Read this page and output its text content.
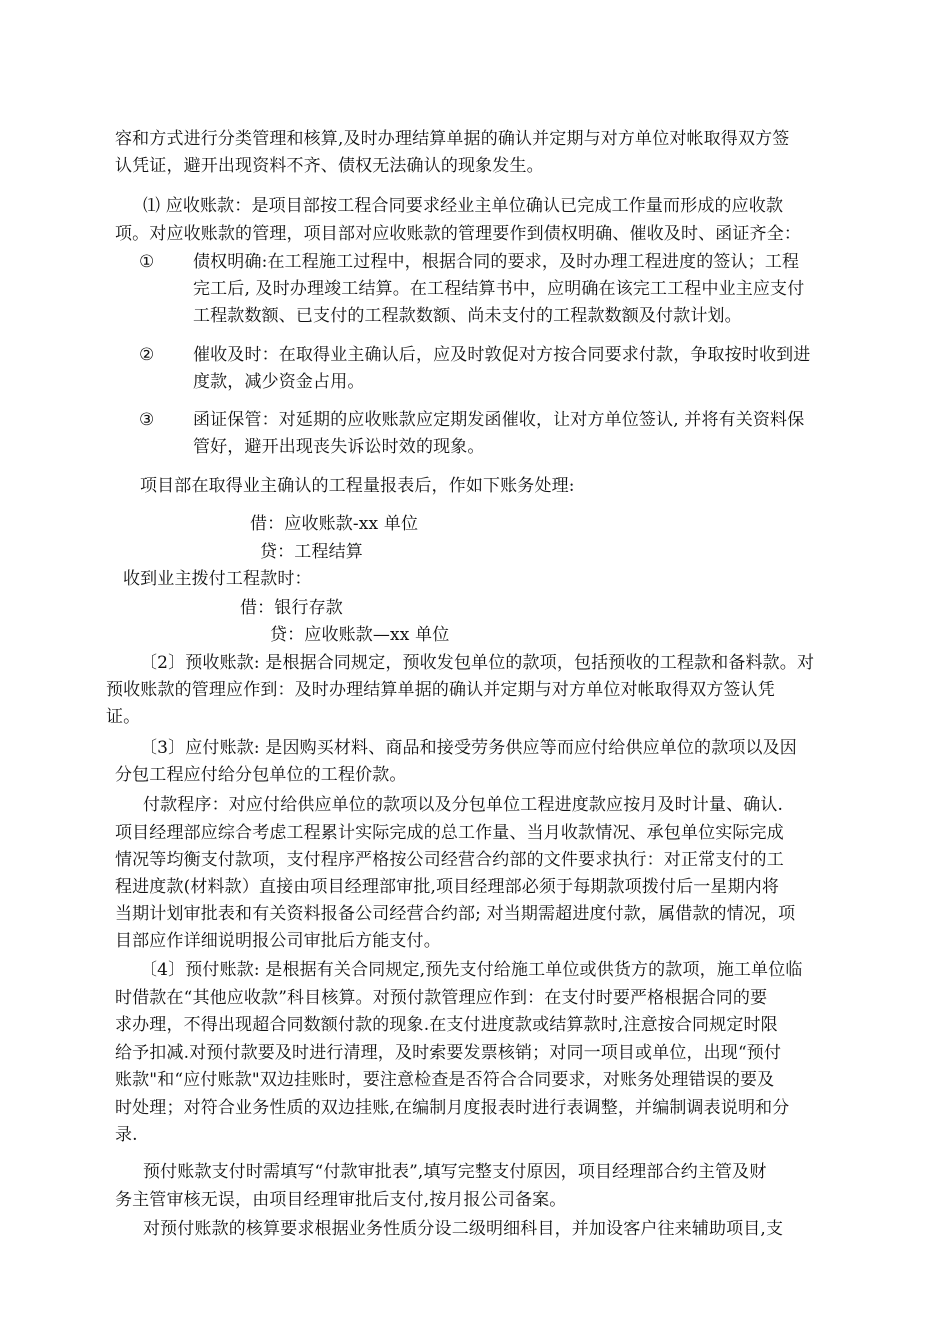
容和方式进行分类管理和核算,及时办理结算单据的确认并定期与对方单位对帐取得双方签
认凭证，避开出现资料不齐、债权无法确认的现象发生。
⑴ 应收账款：是项目部按工程合同要求经业主单位确认已完成工作量而形成的应收款
项。对应收账款的管理，项目部对应收账款的管理要作到债权明确、催收及时、函证齐全：
① 债权明确:在工程施工过程中，根据合同的要求，及时办理工程进度的签认；工程
完工后, 及时办理竣工结算。在工程结算书中，应明确在该完工工程中业主应支付
工程款数额、已支付的工程款数额、尚未支付的工程款数额及付款计划。
② 催收及时：在取得业主确认后，应及时敦促对方按合同要求付款，争取按时收到进
度款，减少资金占用。
③ 函证保管：对延期的应收账款应定期发函催收，让对方单位签认, 并将有关资料保
管好，避开出现丧失诉讼时效的现象。
项目部在取得业主确认的工程量报表后，作如下账务处理:
借：应收账款-xx 单位
贷：工程结算
收到业主拨付工程款时：
借：银行存款
贷：应收账款—xx 单位
〔2〕预收账款: 是根据合同规定，预收发包单位的款项，包括预收的工程款和备料款。对
预收账款的管理应作到：及时办理结算单据的确认并定期与对方单位对帐取得双方签认凭
证。
〔3〕应付账款: 是因购买材料、商品和接受劳务供应等而应付给供应单位的款项以及因
分包工程应付给分包单位的工程价款。
付款程序：对应付给供应单位的款项以及分包单位工程进度款应按月及时计量、确认.
项目经理部应综合考虑工程累计实际完成的总工作量、当月收款情况、承包单位实际完成
情况等均衡支付款项，支付程序严格按公司经营合约部的文件要求执行：对正常支付的工
程进度款(材料款）直接由项目经理部审批,项目经理部必须于每期款项拨付后一星期内将
当期计划审批表和有关资料报备公司经营合约部; 对当期需超进度付款，属借款的情况，项
目部应作详细说明报公司审批后方能支付。
〔4〕预付账款: 是根据有关合同规定,预先支付给施工单位或供货方的款项，施工单位临
时借款在“其他应收款”科目核算。对预付款管理应作到：在支付时要严格根据合同的要
求办理，不得出现超合同数额付款的现象.在支付进度款或结算款时,注意按合同规定时限
给予扣减.对预付款要及时进行清理，及时索要发票核销；对同一项目或单位，出现“预付
账款"和“应付账款"双边挂账时，要注意检查是否符合合同要求，对账务处理错误的要及
时处理；对符合业务性质的双边挂账,在编制月度报表时进行表调整，并编制调表说明和分
录.
预付账款支付时需填写“付款审批表”,填写完整支付原因，项目经理部合约主管及财
务主管审核无误，由项目经理审批后支付,按月报公司备案。
对预付账款的核算要求根据业务性质分设二级明细科目，并加设客户往来辅助项目,支
